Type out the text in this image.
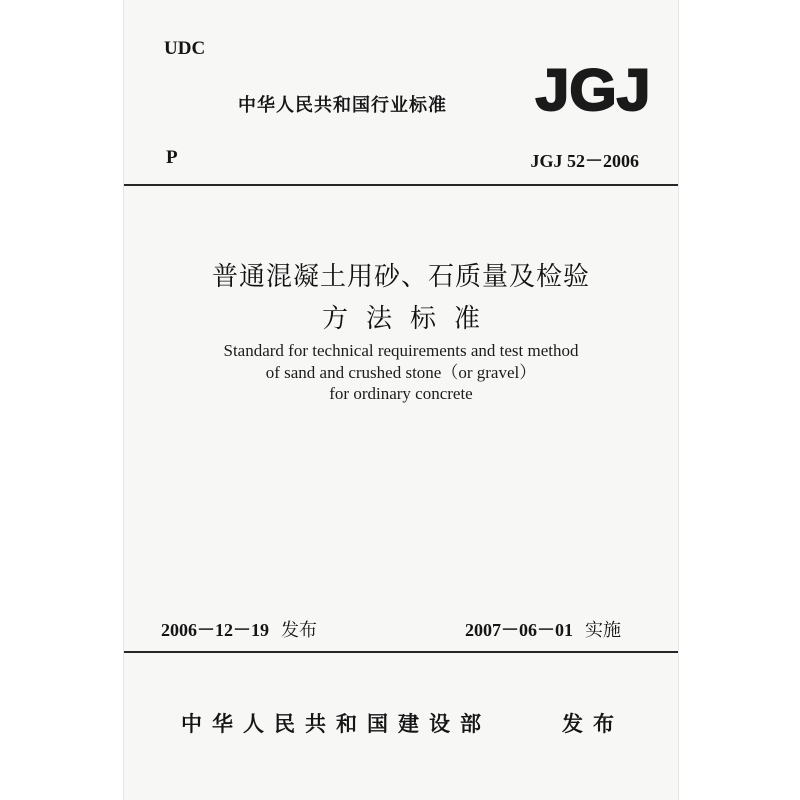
UDC
中华人民共和国行业标准 JGJ
P	JGJ 52－2006
普通混凝土用砂、石质量及检验
方法标准
Standard for technical requirements and test method
of sand and crushed stone（or gravel）
for ordinary concrete
2006－12－19 发布	2007－06－01 实施
中华人民共和国建设部	发布
